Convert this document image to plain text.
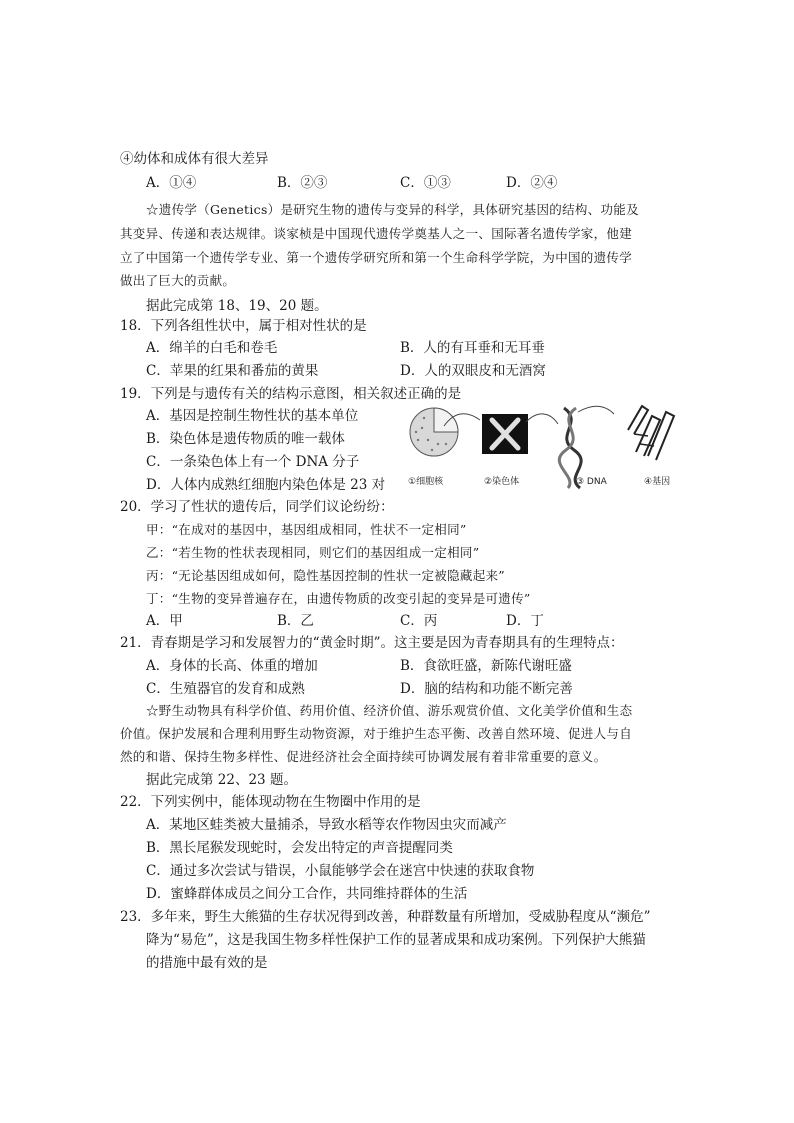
④幼体和成体有很大差异
A．①④	B．②③	C．①③	D．②④
☆遗传学（Genetics）是研究生物的遗传与变异的科学，具体研究基因的结构、功能及
其变异、传递和表达规律。谈家桢是中国现代遗传学奠基人之一、国际著名遗传学家，他建
立了中国第一个遗传学专业、第一个遗传学研究所和第一个生命科学学院，为中国的遗传学
做出了巨大的贡献。
据此完成第 18、19、20 题。
18．下列各组性状中，属于相对性状的是
A．绵羊的白毛和卷毛	B．人的有耳垂和无耳垂
C．苹果的红果和番茄的黄果	D．人的双眼皮和无酒窝
19．下列是与遗传有关的结构示意图，相关叙述正确的是
A．基因是控制生物性状的基本单位
B．染色体是遗传物质的唯一载体
C．一条染色体上有一个 DNA 分子
D．人体内成熟红细胞内染色体是 23 对	①细胞核	②染色体	③ DNA	④基因
20．学习了性状的遗传后，同学们议论纷纷：
甲：“在成对的基因中，基因组成相同，性状不一定相同”
乙：“若生物的性状表现相同，则它们的基因组成一定相同”
丙：“无论基因组成如何，隐性基因控制的性状一定被隐藏起来”
丁：“生物的变异普遍存在，由遗传物质的改变引起的变异是可遗传”
A．甲	B．乙	C．丙	D．丁
21．青春期是学习和发展智力的“黄金时期”。这主要是因为青春期具有的生理特点：
A．身体的长高、体重的增加	B．食欲旺盛，新陈代谢旺盛
C．生殖器官的发育和成熟	D．脑的结构和功能不断完善
☆野生动物具有科学价值、药用价值、经济价值、游乐观赏价值、文化美学价值和生态
价值。保护发展和合理利用野生动物资源，对于维护生态平衡、改善自然环境、促进人与自
然的和谐、保持生物多样性、促进经济社会全面持续可协调发展有着非常重要的意义。
据此完成第 22、23 题。
22．下列实例中，能体现动物在生物圈中作用的是
A．某地区蛙类被大量捕杀，导致水稻等农作物因虫灾而减产
B．黑长尾猴发现蛇时，会发出特定的声音提醒同类
C．通过多次尝试与错误，小鼠能够学会在迷宫中快速的获取食物
D．蜜蜂群体成员之间分工合作，共同维持群体的生活
23．多年来，野生大熊猫的生存状况得到改善，种群数量有所增加，受威胁程度从“濒危”
降为“易危”，这是我国生物多样性保护工作的显著成果和成功案例。下列保护大熊猫
的措施中最有效的是
